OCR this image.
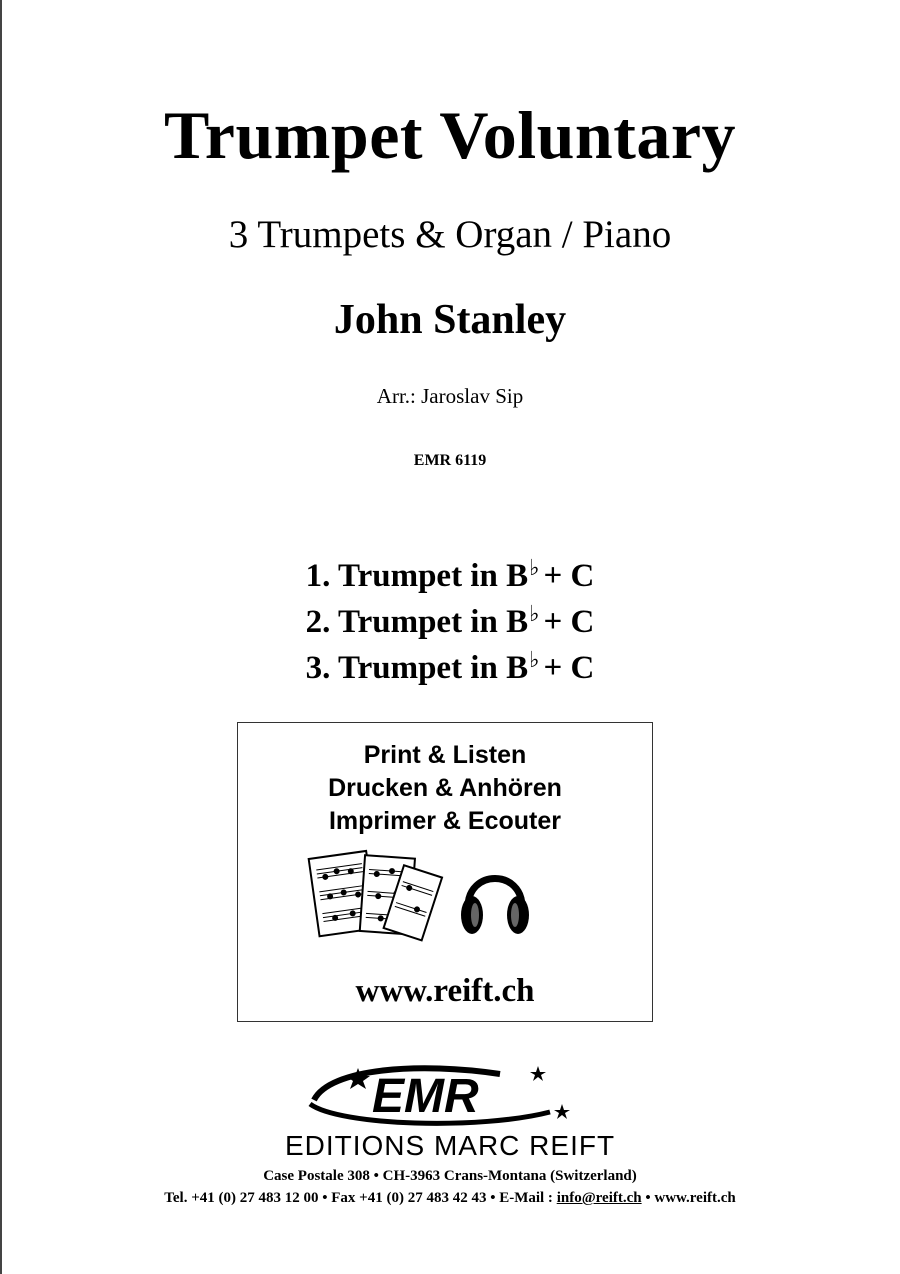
Trumpet Voluntary
3 Trumpets & Organ / Piano
John Stanley
Arr.: Jaroslav Sip
EMR 6119
1. Trumpet in B♭ + C
2. Trumpet in B♭ + C
3. Trumpet in B♭ + C
Print & Listen
Drucken & Anhören
Imprimer & Ecouter
www.reift.ch
EMR
EDITIONS MARC REIFT
Case Postale 308 • CH-3963 Crans-Montana (Switzerland)
Tel. +41 (0) 27 483 12 00 • Fax +41 (0) 27 483 42 43 • E-Mail : info@reift.ch • www.reift.ch
